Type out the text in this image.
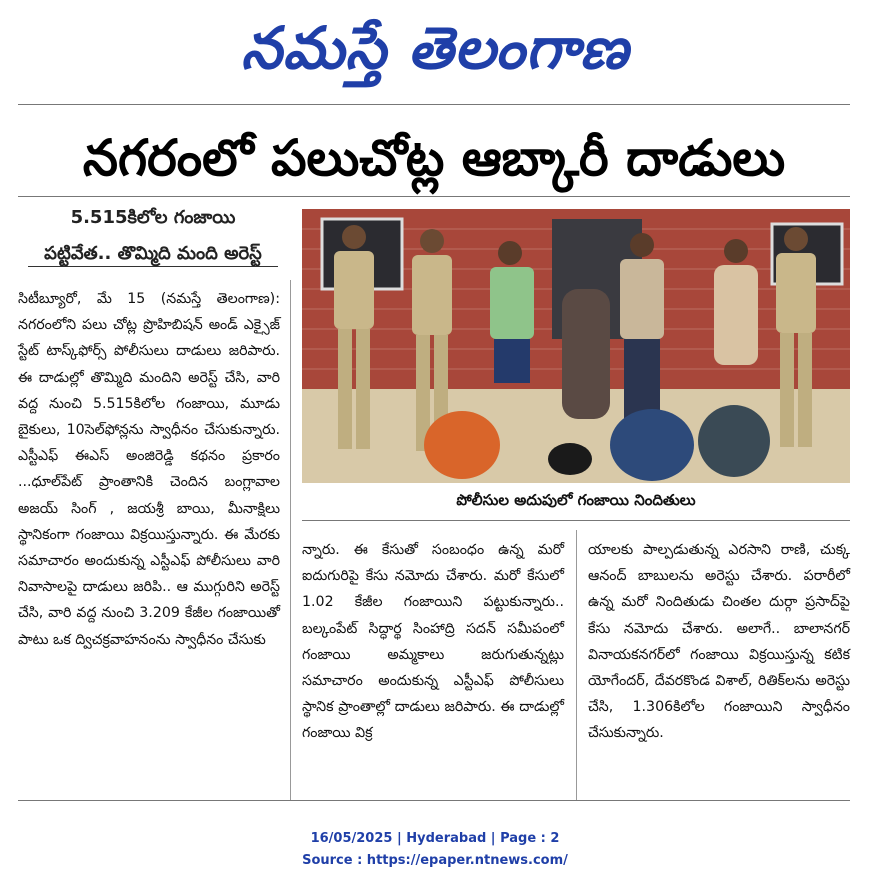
నమస్తే తెలంగాణ
నగరంలో పలుచోట్ల ఆబ్కారీ దాడులు
5.515కిలోల గంజాయి
పట్టివేత.. తొమ్మిది మంది అరెస్ట్
పోలీసుల అదుపులో గంజాయి నిందితులు

సిటీబ్యూరో, మే 15 (నమస్తే తెలంగాణ): నగరంలోని పలు చోట్ల ప్రొహిబిషన్ అండ్ ఎక్సైజ్ స్టేట్ టాస్క్‌ఫోర్స్ పోలీసులు దాడులు జరిపారు. ఈ దాడుల్లో తొమ్మిది మందిని అరెస్ట్ చేసి, వారి వద్ద నుంచి 5.515కిలోల గంజాయి, మూడు బైకులు, 10సెల్‌ఫోన్లను స్వాధీనం చేసుకున్నారు. ఎస్టీఎఫ్ ఈఎస్ అంజిరెడ్డి కథనం ప్రకారం ...ధూల్‌పేట్ ప్రాంతానికి చెందిన బంగ్లావాల అజయ్ సింగ్ , జయశ్రీ బాయి, మీనాక్షిలు స్థానికంగా గంజాయి విక్రయిస్తున్నారు. ఈ మేరకు సమాచారం అందుకున్న ఎస్టీఎఫ్ పోలీసులు వారి నివాసాలపై దాడులు జరిపి.. ఆ ముగ్గురిని అరెస్ట్ చేసి, వారి వద్ద నుంచి 3.209 కేజీల గంజాయితో పాటు ఒక ద్విచక్రవాహనంను స్వాధీనం చేసుకు

న్నారు. ఈ కేసుతో సంబంధం ఉన్న మరో ఐదుగురిపై కేసు నమోదు చేశారు. మరో కేసులో 1.02 కేజీల గంజాయిని పట్టుకున్నారు.. బల్కంపేట్ సిద్ధార్థ సింహాద్రి సదన్ సమీపంలో గంజాయి అమ్మకాలు జరుగుతున్నట్లు సమాచారం అందుకున్న ఎస్టీఎఫ్ పోలీసులు స్థానిక ప్రాంతాల్లో దాడులు జరిపారు. ఈ దాడుల్లో గంజాయి విక్ర

యాలకు పాల్పడుతున్న ఎరసాని రాణి, చుక్క ఆనంద్ బాబులను అరెస్టు చేశారు. పరారీలో ఉన్న మరో నిందితుడు చింతల దుర్గా ప్రసాద్‌పై కేసు నమోదు చేశారు. అలాగే.. బాలానగర్ వినాయకనగర్‌లో గంజాయి విక్రయిస్తున్న కటిక యోగేందర్, దేవరకొండ విశాల్, రితిక్‌లను అరెస్టు చేసి, 1.306కిలోల గంజాయిని స్వాధీనం చేసుకున్నారు.

16/05/2025 | Hyderabad | Page : 2
Source : https://epaper.ntnews.com/
